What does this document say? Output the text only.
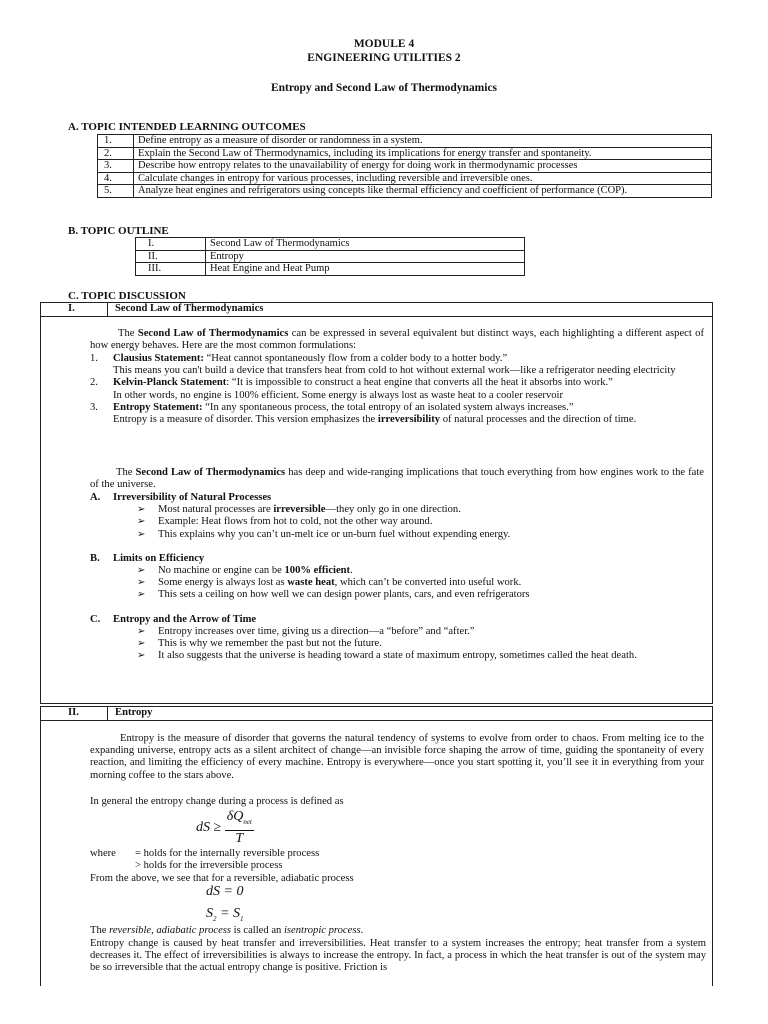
MODULE 4
ENGINEERING UTILITIES 2
Entropy and Second Law of Thermodynamics
A. TOPIC INTENDED LEARNING OUTCOMES
1.	Define entropy as a measure of disorder or randomness in a system.
2.	Explain the Second Law of Thermodynamics, including its implications for energy transfer and spontaneity.
3.	Describe how entropy relates to the unavailability of energy for doing work in thermodynamic processes
4.	Calculate changes in entropy for various processes, including reversible and irreversible ones.
5.	Analyze heat engines and refrigerators using concepts like thermal efficiency and coefficient of performance (COP).
B. TOPIC OUTLINE
I.	Second Law of Thermodynamics
II.	Entropy
III.	Heat Engine and Heat Pump
C. TOPIC DISCUSSION
I.	Second Law of Thermodynamics
The Second Law of Thermodynamics can be expressed in several equivalent but distinct ways, each highlighting a different aspect of how energy behaves. Here are the most common formulations:
1. Clausius Statement: “Heat cannot spontaneously flow from a colder body to a hotter body.”
This means you can't build a device that transfers heat from cold to hot without external work—like a refrigerator needing electricity
2. Kelvin-Planck Statement: “It is impossible to construct a heat engine that converts all the heat it absorbs into work.”
In other words, no engine is 100% efficient. Some energy is always lost as waste heat to a cooler reservoir
3. Entropy Statement: “In any spontaneous process, the total entropy of an isolated system always increases.”
Entropy is a measure of disorder. This version emphasizes the irreversibility of natural processes and the direction of time.
The Second Law of Thermodynamics has deep and wide-ranging implications that touch everything from how engines work to the fate of the universe.
A. Irreversibility of Natural Processes
➢ Most natural processes are irreversible—they only go in one direction.
➢ Example: Heat flows from hot to cold, not the other way around.
➢ This explains why you can’t un-melt ice or un-burn fuel without expending energy.
B. Limits on Efficiency
➢ No machine or engine can be 100% efficient.
➢ Some energy is always lost as waste heat, which can’t be converted into useful work.
➢ This sets a ceiling on how well we can design power plants, cars, and even refrigerators
C. Entropy and the Arrow of Time
➢ Entropy increases over time, giving us a direction—a “before” and “after.”
➢ This is why we remember the past but not the future.
➢ It also suggests that the universe is heading toward a state of maximum entropy, sometimes called the heat death.
II.	Entropy
Entropy is the measure of disorder that governs the natural tendency of systems to evolve from order to chaos. From melting ice to the expanding universe, entropy acts as a silent architect of change—an invisible force shaping the arrow of time, guiding the spontaneity of every reaction, and limiting the efficiency of every machine. Entropy is everywhere—once you start spotting it, you’ll see it in everything from your morning coffee to the stars above.
In general the entropy change during a process is defined as
dS ≥ $\frac{\delta Q_{net}}{T}$
where = holds for the internally reversible process
> holds for the irreversible process
From the above, we see that for a reversible, adiabatic process
dS = 0
$S_2 = S_1$
The reversible, adiabatic process is called an isentropic process.
Entropy change is caused by heat transfer and irreversibilities. Heat transfer to a system increases the entropy; heat transfer from a system decreases it. The effect of irreversibilities is always to increase the entropy. In fact, a process in which the heat transfer is out of the system may be so irreversible that the actual entropy change is positive. Friction is
